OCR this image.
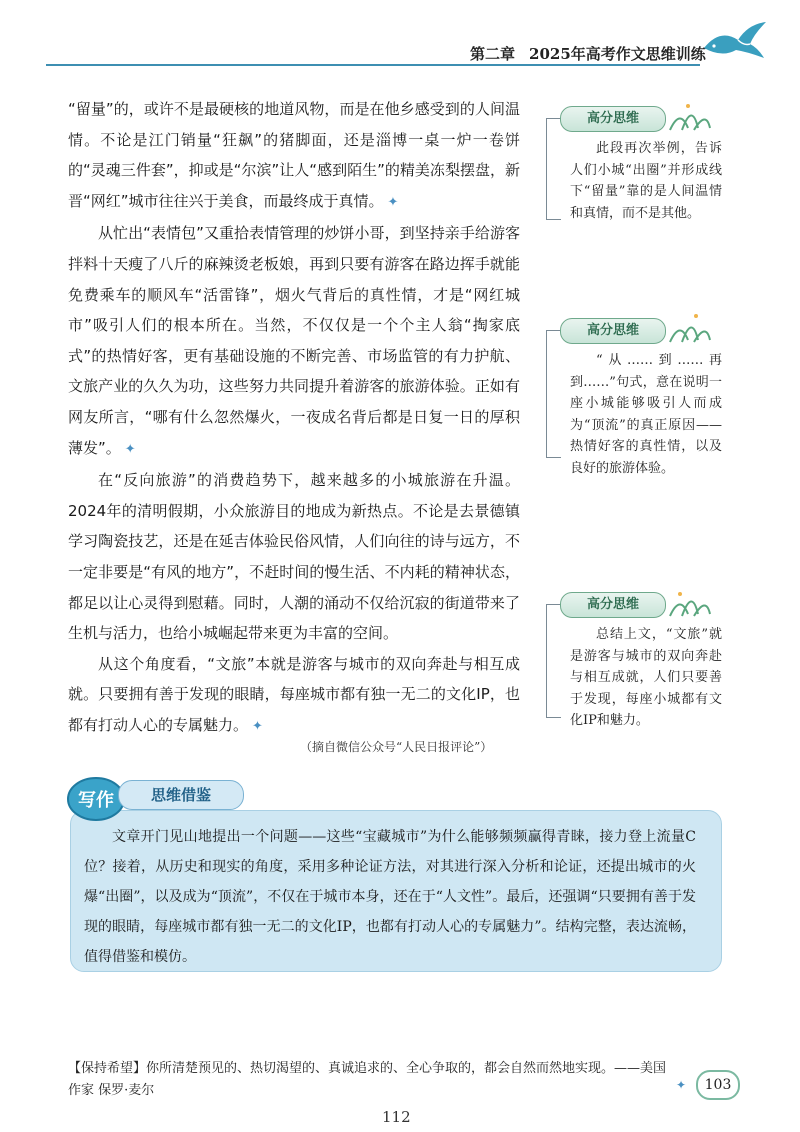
第二章 2025年高考作文思维训练

“留量”的，或许不是最硬核的地道风物，而是在他乡感受到的人间温情。不论是江门销量“狂飙”的猪脚面，还是淄博一桌一炉一卷饼的“灵魂三件套”，抑或是“尔滨”让人“感到陌生”的精美冻梨摆盘，新晋“网红”城市往往兴于美食，而最终成于真情。 ✦

从忙出“表情包”又重拾表情管理的炒饼小哥，到坚持亲手给游客拌料十天瘦了八斤的麻辣烫老板娘，再到只要有游客在路边挥手就能免费乘车的顺风车“活雷锋”，烟火气背后的真性情，才是“网红城市”吸引人们的根本所在。当然，不仅仅是一个个主人翁“掏家底式”的热情好客，更有基础设施的不断完善、市场监管的有力护航、文旅产业的久久为功，这些努力共同提升着游客的旅游体验。正如有网友所言，“哪有什么忽然爆火，一夜成名背后都是日复一日的厚积薄发”。 ✦

在“反向旅游”的消费趋势下，越来越多的小城旅游在升温。2024年的清明假期，小众旅游目的地成为新热点。不论是去景德镇学习陶瓷技艺，还是在延吉体验民俗风情，人们向往的诗与远方，不一定非要是“有风的地方”，不赶时间的慢生活、不内耗的精神状态，都足以让心灵得到慰藉。同时，人潮的涌动不仅给沉寂的街道带来了生机与活力，也给小城崛起带来更为丰富的空间。

从这个角度看，“文旅”本就是游客与城市的双向奔赴与相互成就。只要拥有善于发现的眼睛，每座城市都有独一无二的文化IP，也都有打动人心的专属魅力。 ✦

高分思维
此段再次举例，告诉人们小城“出圈”并形成线下“留量”靠的是人间温情和真情，而不是其他。
高分思维
“从……到……再到……”句式，意在说明一座小城能够吸引人而成为“顶流”的真正原因——热情好客的真性情，以及良好的旅游体验。
高分思维
总结上文，“文旅”就是游客与城市的双向奔赴与相互成就，人们只要善于发现，每座小城都有文化IP和魅力。
（摘自微信公众号“人民日报评论”）
写作	思维借鉴
文章开门见山地提出一个问题——这些“宝藏城市”为什么能够频频赢得青睐，接力登上流量C位？接着，从历史和现实的角度，采用多种论证方法，对其进行深入分析和论证，还提出城市的火爆“出圈”，以及成为“顶流”，不仅在于城市本身，还在于“人文性”。最后，还强调“只要拥有善于发现的眼睛，每座城市都有独一无二的文化IP，也都有打动人心的专属魅力”。结构完整，表达流畅，值得借鉴和模仿。
【保持希望】你所清楚预见的、热切渴望的、真诚追求的、全心争取的，都会自然而然地实现。——美国作家 保罗·麦尔	✦	103
112
